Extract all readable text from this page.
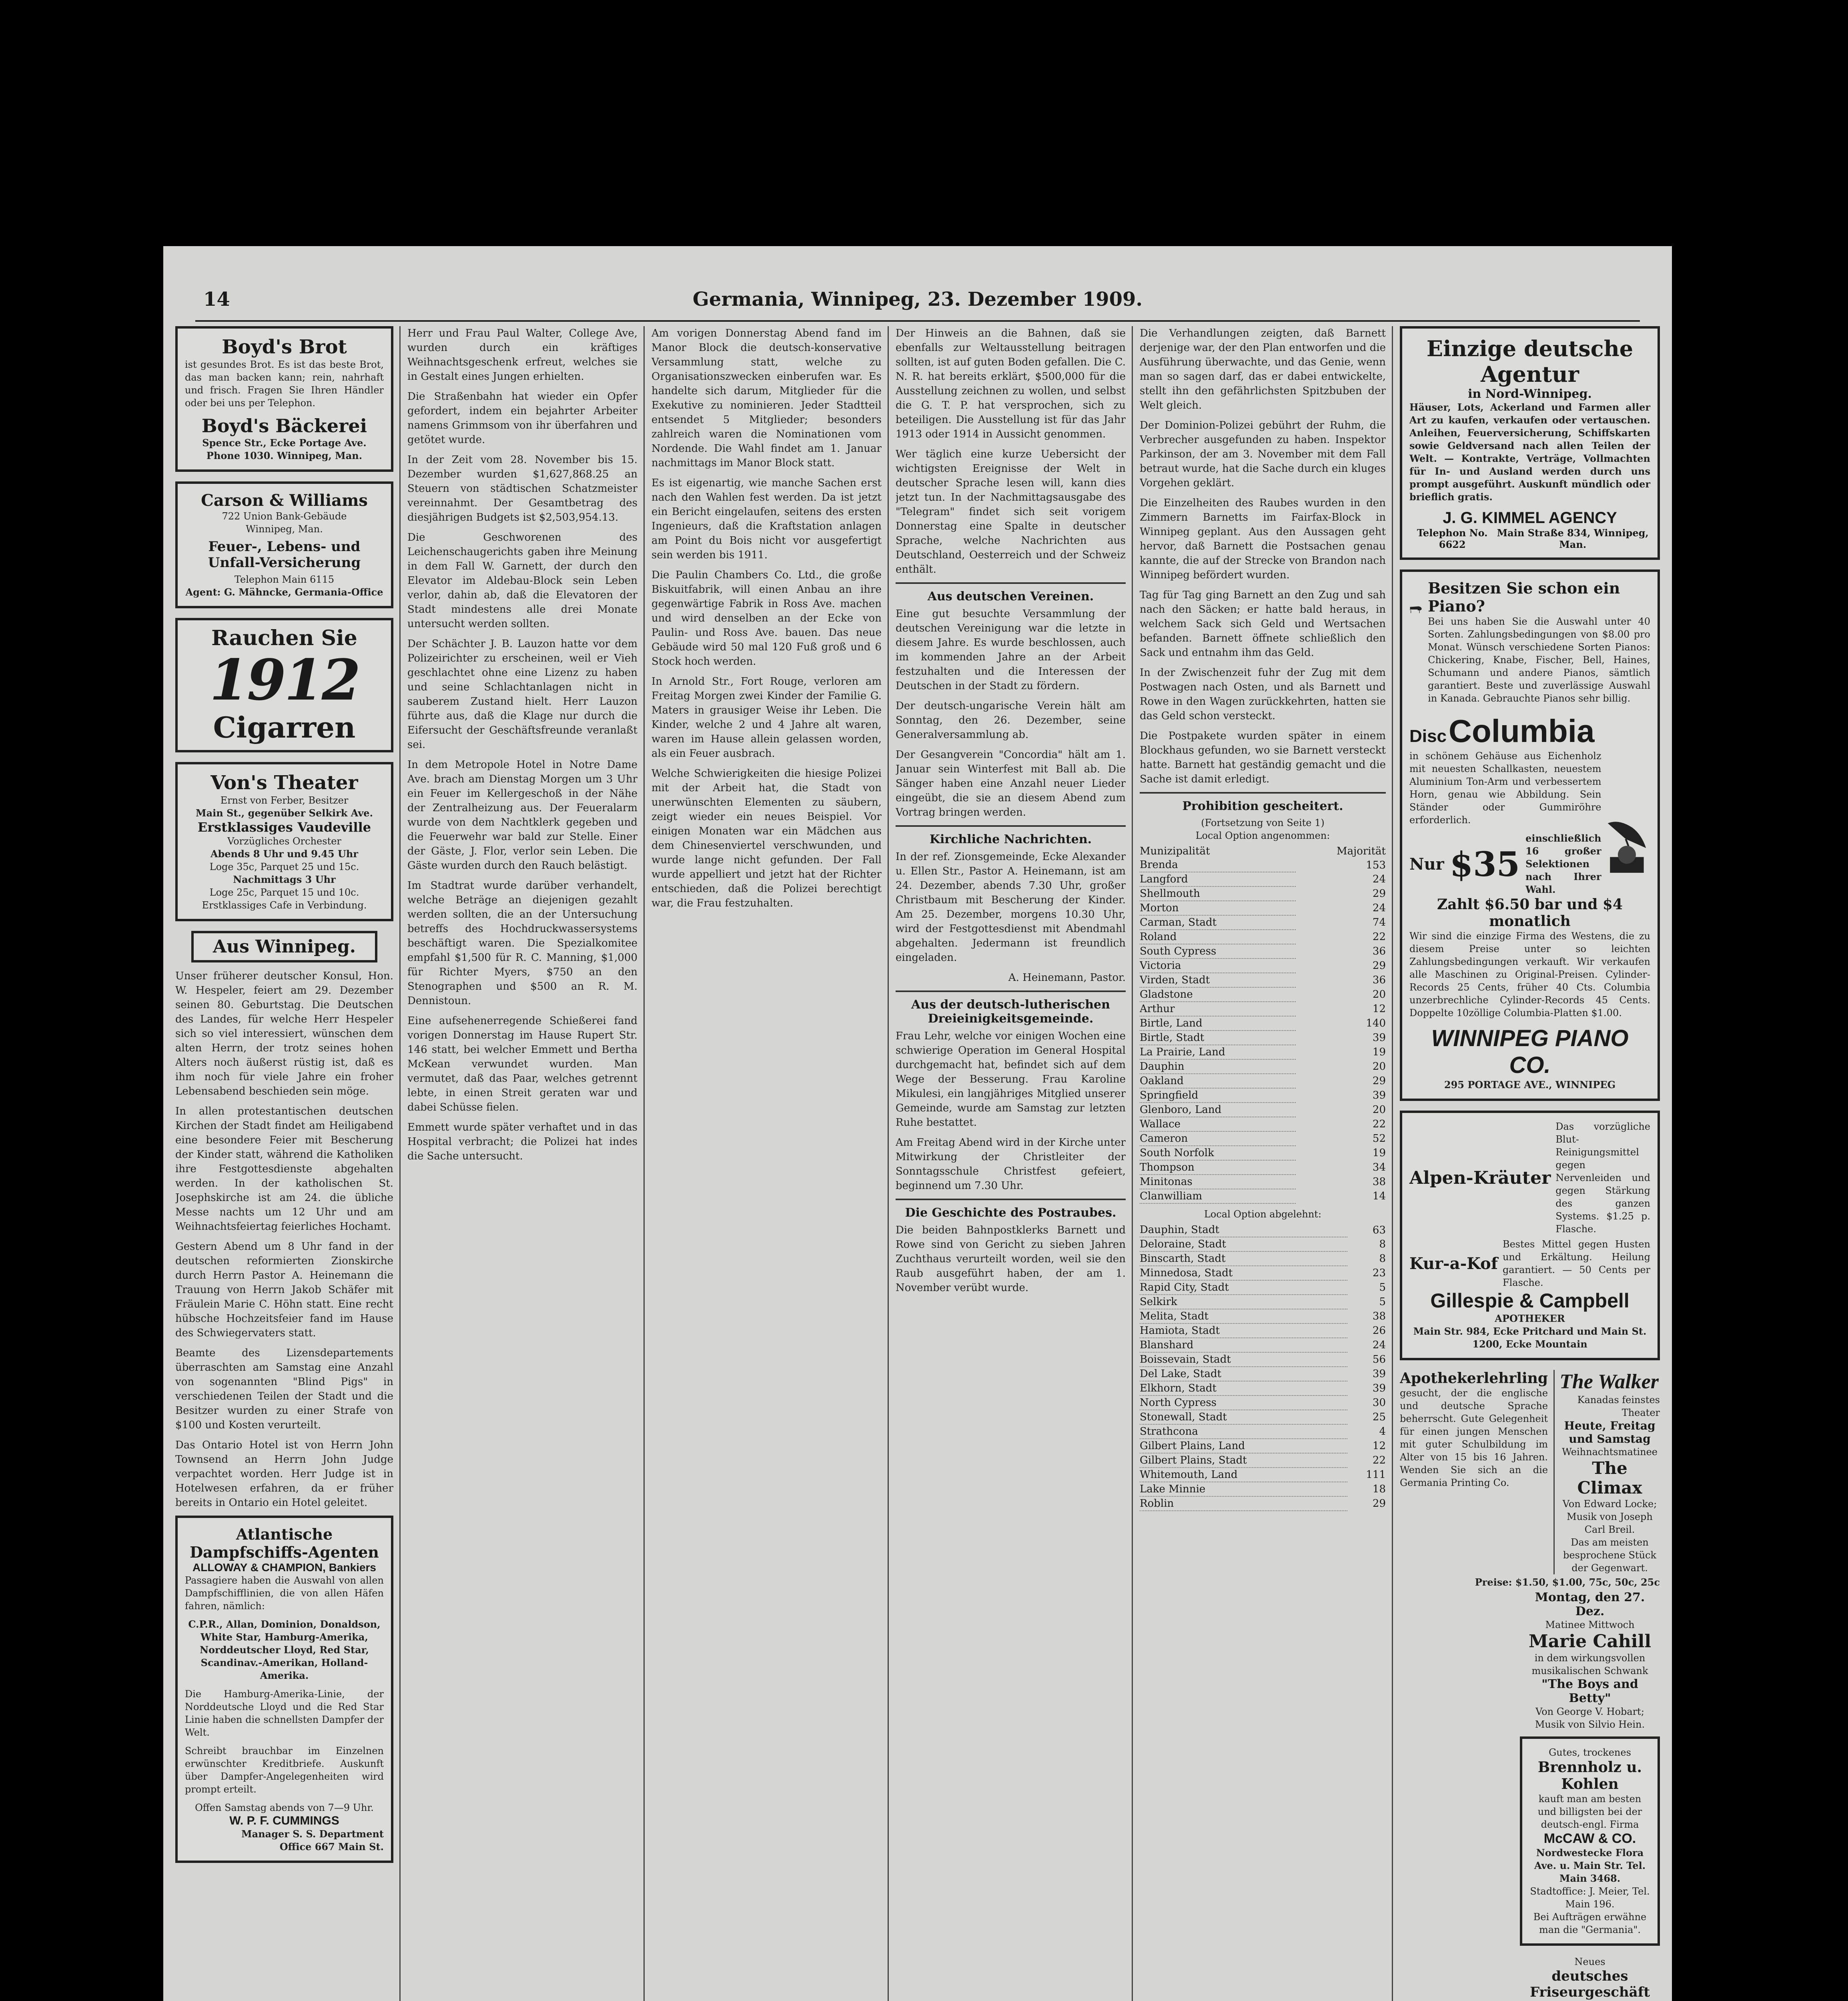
14	Germania, Winnipeg, 23. Dezember 1909.
Boyd's Brot
ist gesundes Brot. Es ist das beste Brot, das man backen kann; rein, nahrhaft und frisch. Fragen Sie Ihren Händler oder bei uns per Telephon.
Boyd's Bäckerei
Spence Str., Ecke Portage Ave.
Phone 1030. Winnipeg, Man.
Carson & Williams
722 Union Bank-Gebäude
Winnipeg, Man.
Feuer-, Lebens- und Unfall-Versicherung
Telephon Main 6115
Agent: G. Mähncke, Germania-Office
Rauchen Sie
1912
Cigarren
Von's Theater
Ernst von Ferber, Besitzer
Main St., gegenüber Selkirk Ave.
Erstklassiges Vaudeville
Vorzügliches Orchester
Abends 8 Uhr und 9.45 Uhr
Loge 35c, Parquet 25 und 15c.
Nachmittags 3 Uhr
Loge 25c, Parquet 15 und 10c.
Erstklassiges Cafe in Verbindung.
Aus Winnipeg.

Unser früherer deutscher Konsul, Hon. W. Hespeler, feiert am 29. Dezember seinen 80. Geburtstag. Die Deutschen des Landes, für welche Herr Hespeler sich so viel interessiert, wünschen dem alten Herrn, der trotz seines hohen Alters noch äußerst rüstig ist, daß es ihm noch für viele Jahre ein froher Lebensabend beschieden sein möge.

In allen protestantischen deutschen Kirchen der Stadt findet am Heiligabend eine besondere Feier mit Bescherung der Kinder statt, während die Katholiken ihre Festgottesdienste abgehalten werden. In der katholischen St. Josephskirche ist am 24. die übliche Messe nachts um 12 Uhr und am Weihnachtsfeiertag feierliches Hochamt.

Gestern Abend um 8 Uhr fand in der deutschen reformierten Zionskirche durch Herrn Pastor A. Heinemann die Trauung von Herrn Jakob Schäfer mit Fräulein Marie C. Höhn statt. Eine recht hübsche Hochzeitsfeier fand im Hause des Schwiegervaters statt.

Beamte des Lizensdepartements überraschten am Samstag eine Anzahl von sogenannten "Blind Pigs" in verschiedenen Teilen der Stadt und die Besitzer wurden zu einer Strafe von $100 und Kosten verurteilt.

Das Ontario Hotel ist von Herrn John Townsend an Herrn John Judge verpachtet worden. Herr Judge ist in Hotelwesen erfahren, da er früher bereits in Ontario ein Hotel geleitet.

Atlantische Dampfschiffs-Agenten
ALLOWAY & CHAMPION, Bankiers
Passagiere haben die Auswahl von allen Dampfschifflinien, die von allen Häfen fahren, nämlich:
C.P.R., Allan, Dominion, Donaldson, White Star, Hamburg-Amerika, Norddeutscher Lloyd, Red Star, Scandinav.-Amerikan, Holland-Amerika.
Die Hamburg-Amerika-Linie, der Norddeutsche Lloyd und die Red Star Linie haben die schnellsten Dampfer der Welt.
Schreibt brauchbar im Einzelnen erwünschter Kreditbriefe. Auskunft über Dampfer-Angelegenheiten wird prompt erteilt.
Offen Samstag abends von 7—9 Uhr.
W. P. F. CUMMINGS
Manager S. S. Department
Office 667 Main St.

Herr und Frau Paul Walter, College Ave, wurden durch ein kräftiges Weihnachtsgeschenk erfreut, welches sie in Gestalt eines Jungen erhielten.

Die Straßenbahn hat wieder ein Opfer gefordert, indem ein bejahrter Arbeiter namens Grimmsom von ihr überfahren und getötet wurde.

In der Zeit vom 28. November bis 15. Dezember wurden $1,627,868.25 an Steuern von städtischen Schatzmeister vereinnahmt. Der Gesamtbetrag des diesjährigen Budgets ist $2,503,954.13.

Die Geschworenen des Leichenschaugerichts gaben ihre Meinung in dem Fall W. Garnett, der durch den Elevator im Aldebau-Block sein Leben verlor, dahin ab, daß die Elevatoren der Stadt mindestens alle drei Monate untersucht werden sollten.

Der Schächter J. B. Lauzon hatte vor dem Polizeirichter zu erscheinen, weil er Vieh geschlachtet ohne eine Lizenz zu haben und seine Schlachtanlagen nicht in sauberem Zustand hielt. Herr Lauzon führte aus, daß die Klage nur durch die Eifersucht der Geschäftsfreunde veranlaßt sei.

In dem Metropole Hotel in Notre Dame Ave. brach am Dienstag Morgen um 3 Uhr ein Feuer im Kellergeschoß in der Nähe der Zentralheizung aus. Der Feueralarm wurde von dem Nachtklerk gegeben und die Feuerwehr war bald zur Stelle. Einer der Gäste, J. Flor, verlor sein Leben. Die Gäste wurden durch den Rauch belästigt.

Im Stadtrat wurde darüber verhandelt, welche Beträge an diejenigen gezahlt werden sollten, die an der Untersuchung betreffs des Hochdruckwassersystems beschäftigt waren. Die Spezialkomitee empfahl $1,500 für R. C. Manning, $1,000 für Richter Myers, $750 an den Stenographen und $500 an R. M. Dennistoun.

Eine aufsehenerregende Schießerei fand vorigen Donnerstag im Hause Rupert Str. 146 statt, bei welcher Emmett und Bertha McKean verwundet wurden. Man vermutet, daß das Paar, welches getrennt lebte, in einen Streit geraten war und dabei Schüsse fielen.

Emmett wurde später verhaftet und in das Hospital verbracht; die Polizei hat indes die Sache untersucht.

Am vorigen Donnerstag Abend fand im Manor Block die deutsch-konservative Versammlung statt, welche zu Organisationszwecken einberufen war. Es handelte sich darum, Mitglieder für die Exekutive zu nominieren. Jeder Stadtteil entsendet 5 Mitglieder; besonders zahlreich waren die Nominationen vom Nordende. Die Wahl findet am 1. Januar nachmittags im Manor Block statt.

Es ist eigenartig, wie manche Sachen erst nach den Wahlen fest werden. Da ist jetzt ein Bericht eingelaufen, seitens des ersten Ingenieurs, daß die Kraftstation anlagen am Point du Bois nicht vor ausgefertigt sein werden bis 1911.

Die Paulin Chambers Co. Ltd., die große Biskuitfabrik, will einen Anbau an ihre gegenwärtige Fabrik in Ross Ave. machen und wird denselben an der Ecke von Paulin- und Ross Ave. bauen. Das neue Gebäude wird 50 mal 120 Fuß groß und 6 Stock hoch werden.

In Arnold Str., Fort Rouge, verloren am Freitag Morgen zwei Kinder der Familie G. Maters in grausiger Weise ihr Leben. Die Kinder, welche 2 und 4 Jahre alt waren, waren im Hause allein gelassen worden, als ein Feuer ausbrach.

Welche Schwierigkeiten die hiesige Polizei mit der Arbeit hat, die Stadt von unerwünschten Elementen zu säubern, zeigt wieder ein neues Beispiel. Vor einigen Monaten war ein Mädchen aus dem Chinesenviertel verschwunden, und wurde lange nicht gefunden. Der Fall wurde appelliert und jetzt hat der Richter entschieden, daß die Polizei berechtigt war, die Frau festzuhalten.

Der Hinweis an die Bahnen, daß sie ebenfalls zur Weltausstellung beitragen sollten, ist auf guten Boden gefallen. Die C. N. R. hat bereits erklärt, $500,000 für die Ausstellung zeichnen zu wollen, und selbst die G. T. P. hat versprochen, sich zu beteiligen. Die Ausstellung ist für das Jahr 1913 oder 1914 in Aussicht genommen.

Wer täglich eine kurze Uebersicht der wichtigsten Ereignisse der Welt in deutscher Sprache lesen will, kann dies jetzt tun. In der Nachmittagsausgabe des "Telegram" findet sich seit vorigem Donnerstag eine Spalte in deutscher Sprache, welche Nachrichten aus Deutschland, Oesterreich und der Schweiz enthält.

Aus deutschen Vereinen.

Eine gut besuchte Versammlung der deutschen Vereinigung war die letzte in diesem Jahre. Es wurde beschlossen, auch im kommenden Jahre an der Arbeit festzuhalten und die Interessen der Deutschen in der Stadt zu fördern.

Der deutsch-ungarische Verein hält am Sonntag, den 26. Dezember, seine Generalversammlung ab.

Der Gesangverein "Concordia" hält am 1. Januar sein Winterfest mit Ball ab. Die Sänger haben eine Anzahl neuer Lieder eingeübt, die sie an diesem Abend zum Vortrag bringen werden.

Kirchliche Nachrichten.

In der ref. Zionsgemeinde, Ecke Alexander u. Ellen Str., Pastor A. Heinemann, ist am 24. Dezember, abends 7.30 Uhr, großer Christbaum mit Bescherung der Kinder. Am 25. Dezember, morgens 10.30 Uhr, wird der Festgottesdienst mit Abendmahl abgehalten. Jedermann ist freundlich eingeladen.

A. Heinemann, Pastor.
Aus der deutsch-lutherischen Dreieinigkeitsgemeinde.

Frau Lehr, welche vor einigen Wochen eine schwierige Operation im General Hospital durchgemacht hat, befindet sich auf dem Wege der Besserung. Frau Karoline Mikulesi, ein langjähriges Mitglied unserer Gemeinde, wurde am Samstag zur letzten Ruhe bestattet.

Am Freitag Abend wird in der Kirche unter Mitwirkung der Christleiter der Sonntagsschule Christfest gefeiert, beginnend um 7.30 Uhr.

Die Geschichte des Postraubes.

Die beiden Bahnpostklerks Barnett und Rowe sind von Gericht zu sieben Jahren Zuchthaus verurteilt worden, weil sie den Raub ausgeführt haben, der am 1. November verübt wurde.

Die Verhandlungen zeigten, daß Barnett derjenige war, der den Plan entworfen und die Ausführung überwachte, und das Genie, wenn man so sagen darf, das er dabei entwickelte, stellt ihn den gefährlichsten Spitzbuben der Welt gleich.

Der Dominion-Polizei gebührt der Ruhm, die Verbrecher ausgefunden zu haben. Inspektor Parkinson, der am 3. November mit dem Fall betraut wurde, hat die Sache durch ein kluges Vorgehen geklärt.

Die Einzelheiten des Raubes wurden in den Zimmern Barnetts im Fairfax-Block in Winnipeg geplant. Aus den Aussagen geht hervor, daß Barnett die Postsachen genau kannte, die auf der Strecke von Brandon nach Winnipeg befördert wurden.

Tag für Tag ging Barnett an den Zug und sah nach den Säcken; er hatte bald heraus, in welchem Sack sich Geld und Wertsachen befanden. Barnett öffnete schließlich den Sack und entnahm ihm das Geld.

In der Zwischenzeit fuhr der Zug mit dem Postwagen nach Osten, und als Barnett und Rowe in den Wagen zurückkehrten, hatten sie das Geld schon versteckt.

Die Postpakete wurden später in einem Blockhaus gefunden, wo sie Barnett versteckt hatte. Barnett hat geständig gemacht und die Sache ist damit erledigt.

Prohibition gescheitert.
(Fortsetzung von Seite 1)
Local Option angenommen:
Munizipalität	Majorität
Brenda	153
Langford	24
Shellmouth	29
Morton	24
Carman, Stadt	74
Roland	22
South Cypress	36
Victoria	29
Virden, Stadt	36
Gladstone	20
Arthur	12
Birtle, Land	140
Birtle, Stadt	39
La Prairie, Land	19
Dauphin	20
Oakland	29
Springfield	39
Glenboro, Land	20
Wallace	22
Cameron	52
South Norfolk	19
Thompson	34
Minitonas	38
Clanwilliam	14
Local Option abgelehnt:
Dauphin, Stadt	63
Deloraine, Stadt	8
Binscarth, Stadt	8
Minnedosa, Stadt	23
Rapid City, Stadt	5
Selkirk	5
Melita, Stadt	38
Hamiota, Stadt	26
Blanshard	24
Boissevain, Stadt	56
Del Lake, Stadt	39
Elkhorn, Stadt	39
North Cypress	30
Stonewall, Stadt	25
Strathcona	4
Gilbert Plains, Land	12
Gilbert Plains, Stadt	22
Whitemouth, Land	111
Lake Minnie	18
Roblin	29
Einzige deutsche Agentur
in Nord-Winnipeg.
Häuser, Lots, Ackerland und Farmen aller Art zu kaufen, verkaufen oder vertauschen. Anleihen, Feuerversicherung, Schiffskarten sowie Geldversand nach allen Teilen der Welt. — Kontrakte, Verträge, Vollmachten für In- und Ausland werden durch uns prompt ausgeführt. Auskunft mündlich oder brieflich gratis.
J. G. KIMMEL AGENCY
Telephon No. 6622
Main Straße 834, Winnipeg, Man.
Besitzen Sie schon ein Piano?
Bei uns haben Sie die Auswahl unter 40 Sorten. Zahlungsbedingungen von $8.00 pro Monat. Wünsch verschiedene Sorten Pianos: Chickering, Knabe, Fischer, Bell, Haines, Schumann und andere Pianos, sämtlich garantiert. Beste und zuverlässige Auswahl in Kanada. Gebrauchte Pianos sehr billig.
Disc Columbia
in schönem Gehäuse aus Eichenholz mit neuesten Schallkasten, neuestem Aluminium Ton-Arm und verbessertem Horn, genau wie Abbildung. Sein Ständer oder Gummiröhre erforderlich.
Nur $35
einschließlich 16 großer Selektionen nach Ihrer Wahl.
Zahlt $6.50 bar und $4 monatlich
Wir sind die einzige Firma des Westens, die zu diesem Preise unter so leichten Zahlungsbedingungen verkauft. Wir verkaufen alle Maschinen zu Original-Preisen. Cylinder-Records 25 Cents, früher 40 Cts. Columbia unzerbrechliche Cylinder-Records 45 Cents. Doppelte 10zöllige Columbia-Platten $1.00.
WINNIPEG PIANO CO.
295 PORTAGE AVE., WINNIPEG
Alpen-Kräuter
Das vorzügliche Blut-Reinigungsmittel gegen Nervenleiden und gegen Stärkung des ganzen Systems. $1.25 p. Flasche.
Kur-a-Kof
Bestes Mittel gegen Husten und Erkältung. Heilung garantiert. — 50 Cents per Flasche.
Gillespie & Campbell
APOTHEKER
Main Str. 984, Ecke Pritchard und Main St. 1200, Ecke Mountain
Apothekerlehrling
gesucht, der die englische und deutsche Sprache beherrscht. Gute Gelegenheit für einen jungen Menschen mit guter Schulbildung im Alter von 15 bis 16 Jahren. Wenden Sie sich an die Germania Printing Co.
The Walker
Kanadas feinstes Theater
Heute, Freitag und Samstag
Weihnachtsmatinee
The Climax
Von Edward Locke; Musik von Joseph Carl Breil.
Das am meisten besprochene Stück der Gegenwart.
Preise: $1.50, $1.00, 75c, 50c, 25c
Montag, den 27. Dez.
Matinee Mittwoch
Marie Cahill
in dem wirkungsvollen musikalischen Schwank
"The Boys and Betty"
Von George V. Hobart; Musik von Silvio Hein.
Gutes, trockenes
Brennholz u. Kohlen
kauft man am besten und billigsten bei der deutsch-engl. Firma
McCAW & CO.
Nordwestecke Flora Ave. u. Main Str. Tel. Main 3468.
Stadtoffice: J. Meier, Tel. Main 196.
Bei Aufträgen erwähne man die "Germania".
Neues
deutsches Friseurgeschäft
